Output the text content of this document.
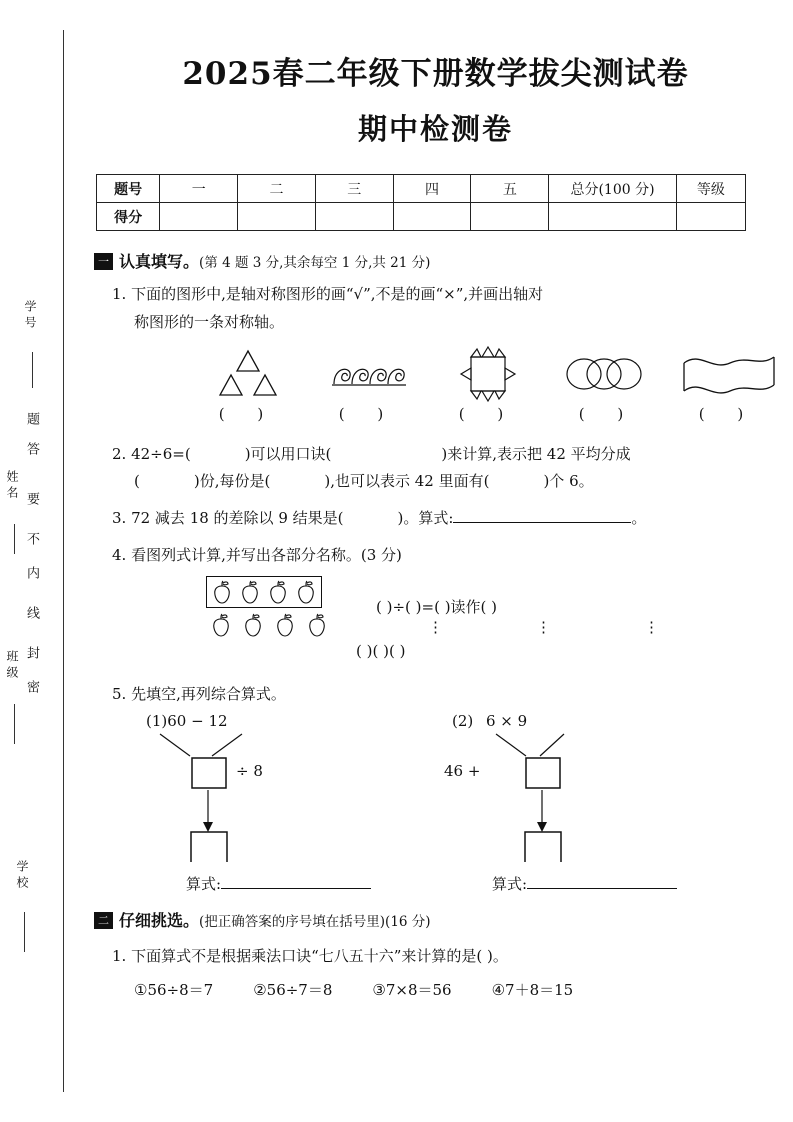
学号
题
答
要
不
内
线
封
密
姓名
班级
学校
2025春二年级下册数学拔尖测试卷
期中检测卷
题号	一	二	三	四	五	总分(100 分)	等级
得分							
一 认真填写。(第 4 题 3 分,其余每空 1 分,共 21 分)
1. 下面的图形中,是轴对称图形的画“√”,不是的画“×”,并画出轴对
称图形的一条对称轴。
( )	( )	( )	( )	( )
2. 42÷6=(	)可以用口诀(	)来计算,表示把 42 平均分成
(	)份,每份是(	),也可以表示 42 里面有(	)个 6。
3. 72 减去 18 的差除以 9 结果是(	)。算式:	。
4. 看图列式计算,并写出各部分名称。(3 分)
( )÷( )=( )读作( )
⋮	⋮	⋮
( )( )( )
5. 先填空,再列综合算式。
(1)60 − 12
÷ 8
(2) 6 × 9
46 +
算式:	算式:
二 仔细挑选。(把正确答案的序号填在括号里)(16 分)
1. 下面算式不是根据乘法口诀“七八五十六”来计算的是( )。
①56÷8＝7	②56÷7＝8	③7×8＝56	④7＋8＝15
